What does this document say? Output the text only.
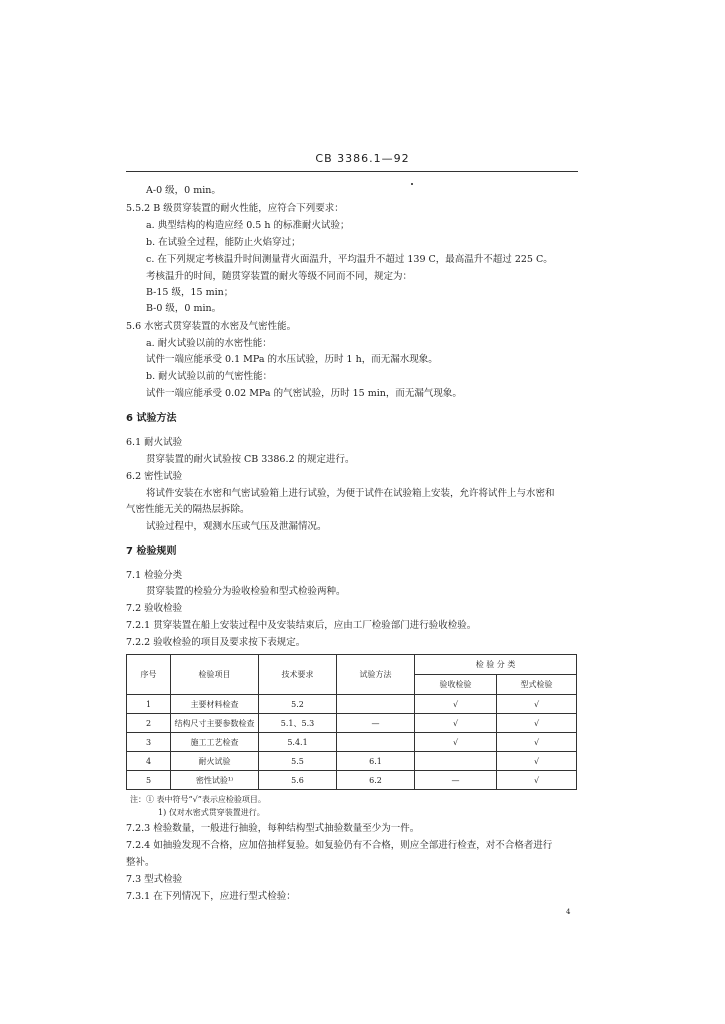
CB 3386.1—92
A-0 级，0 min。
5.5.2 B 级贯穿装置的耐火性能，应符合下列要求：
a. 典型结构的构造应经 0.5 h 的标准耐火试验；
b. 在试验全过程，能防止火焰穿过；
c. 在下列规定考核温升时间测量背火面温升，平均温升不超过 139 C，最高温升不超过 225 C。
考核温升的时间，随贯穿装置的耐火等级不同而不同，规定为：
B-15 级，15 min；
B-0 级，0 min。
5.6 水密式贯穿装置的水密及气密性能。
a. 耐火试验以前的水密性能：
试件一端应能承受 0.1 MPa 的水压试验，历时 1 h，而无漏水现象。
b. 耐火试验以前的气密性能：
试件一端应能承受 0.02 MPa 的气密试验，历时 15 min，而无漏气现象。
6 试验方法
6.1 耐火试验
贯穿装置的耐火试验按 CB 3386.2 的规定进行。
6.2 密性试验
将试件安装在水密和气密试验箱上进行试验，为便于试件在试验箱上安装，允许将试件上与水密和
气密性能无关的隔热层拆除。
试验过程中，观测水压或气压及泄漏情况。
7 检验规则
7.1 检验分类
贯穿装置的检验分为验收检验和型式检验两种。
7.2 验收检验
7.2.1 贯穿装置在船上安装过程中及安装结束后，应由工厂检验部门进行验收检验。
7.2.2 验收检验的项目及要求按下表规定。
序号	检验项目	技术要求	试验方法	检 验 分 类	
				验收检验	型式检验
1	主要材料检查	5.2		√	√
2	结构尺寸主要参数检查	5.1、5.3	—	√	√
3	施工工艺检查	5.4.1		√	√
4	耐火试验	5.5	6.1		√
5	密性试验¹⁾	5.6	6.2	—	√
注：① 表中符号“√”表示应检验项目。
1) 仅对水密式贯穿装置进行。
7.2.3 检验数量，一般进行抽验，每种结构型式抽验数量至少为一件。
7.2.4 如抽验发现不合格，应加倍抽样复验。如复验仍有不合格，则应全部进行检查，对不合格者进行
整补。
7.3 型式检验
7.3.1 在下列情况下，应进行型式检验：
4
